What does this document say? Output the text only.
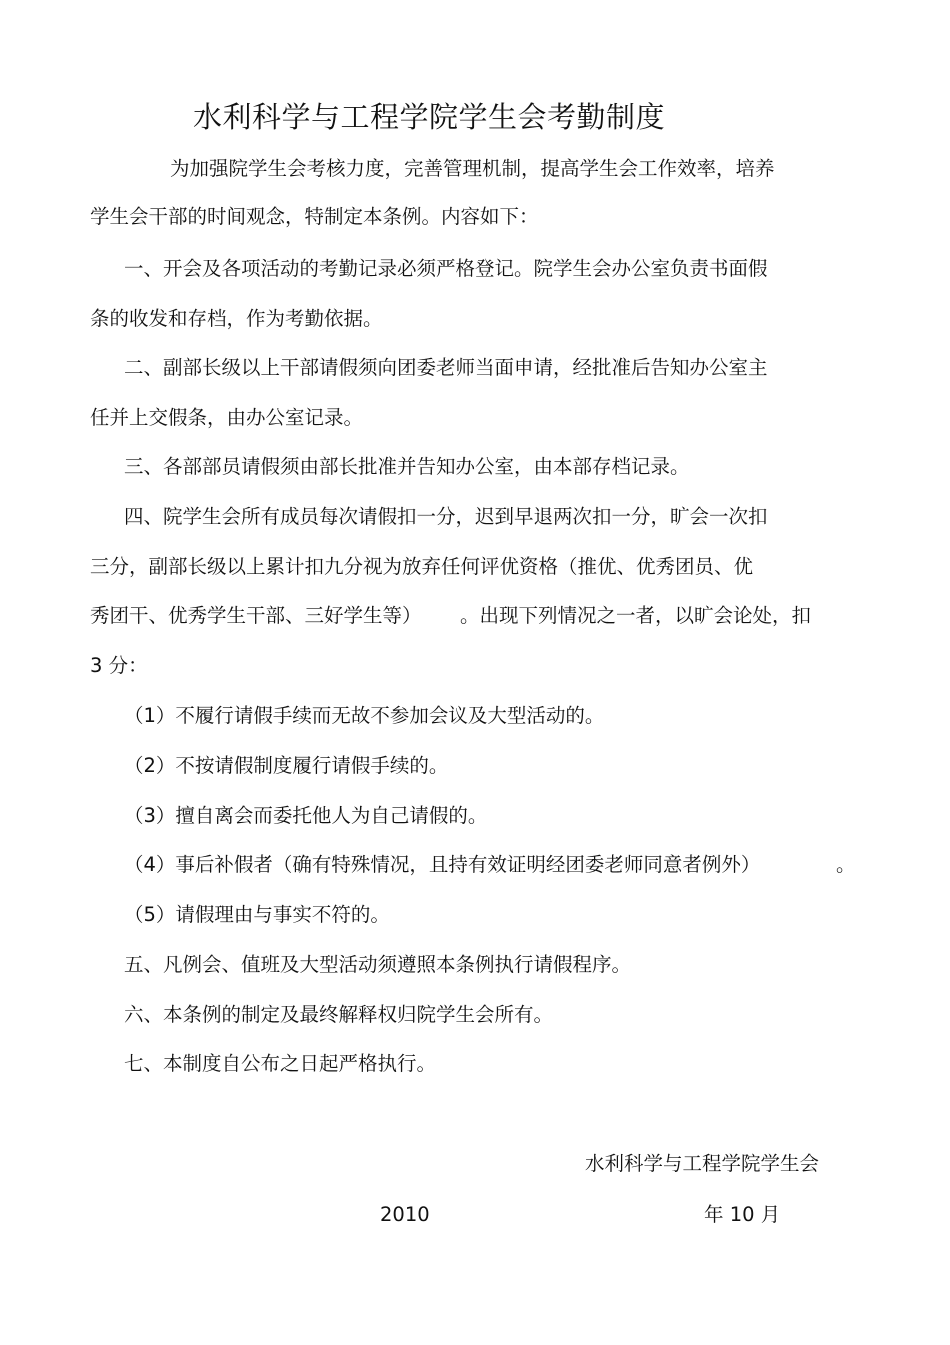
水利科学与工程学院学生会考勤制度
为加强院学生会考核力度，完善管理机制，提高学生会工作效率，培养
学生会干部的时间观念，特制定本条例。内容如下：
一、开会及各项活动的考勤记录必须严格登记。院学生会办公室负责书面假
条的收发和存档，作为考勤依据。
二、副部长级以上干部请假须向团委老师当面申请，经批准后告知办公室主
任并上交假条，由办公室记录。
三、各部部员请假须由部长批准并告知办公室，由本部存档记录。
四、院学生会所有成员每次请假扣一分，迟到早退两次扣一分，旷会一次扣
三分，副部长级以上累计扣九分视为放弃任何评优资格（推优、优秀团员、优
秀团干、优秀学生干部、三好学生等） 。出现下列情况之一者，以旷会论处，扣
3 分：
（1）不履行请假手续而无故不参加会议及大型活动的。
（2）不按请假制度履行请假手续的。
（3）擅自离会而委托他人为自己请假的。
（4）事后补假者（确有特殊情况，且持有效证明经团委老师同意者例外）	。
（5）请假理由与事实不符的。
五、凡例会、值班及大型活动须遵照本条例执行请假程序。
六、本条例的制定及最终解释权归院学生会所有。
七、本制度自公布之日起严格执行。
水利科学与工程学院学生会
2010	年 10 月
